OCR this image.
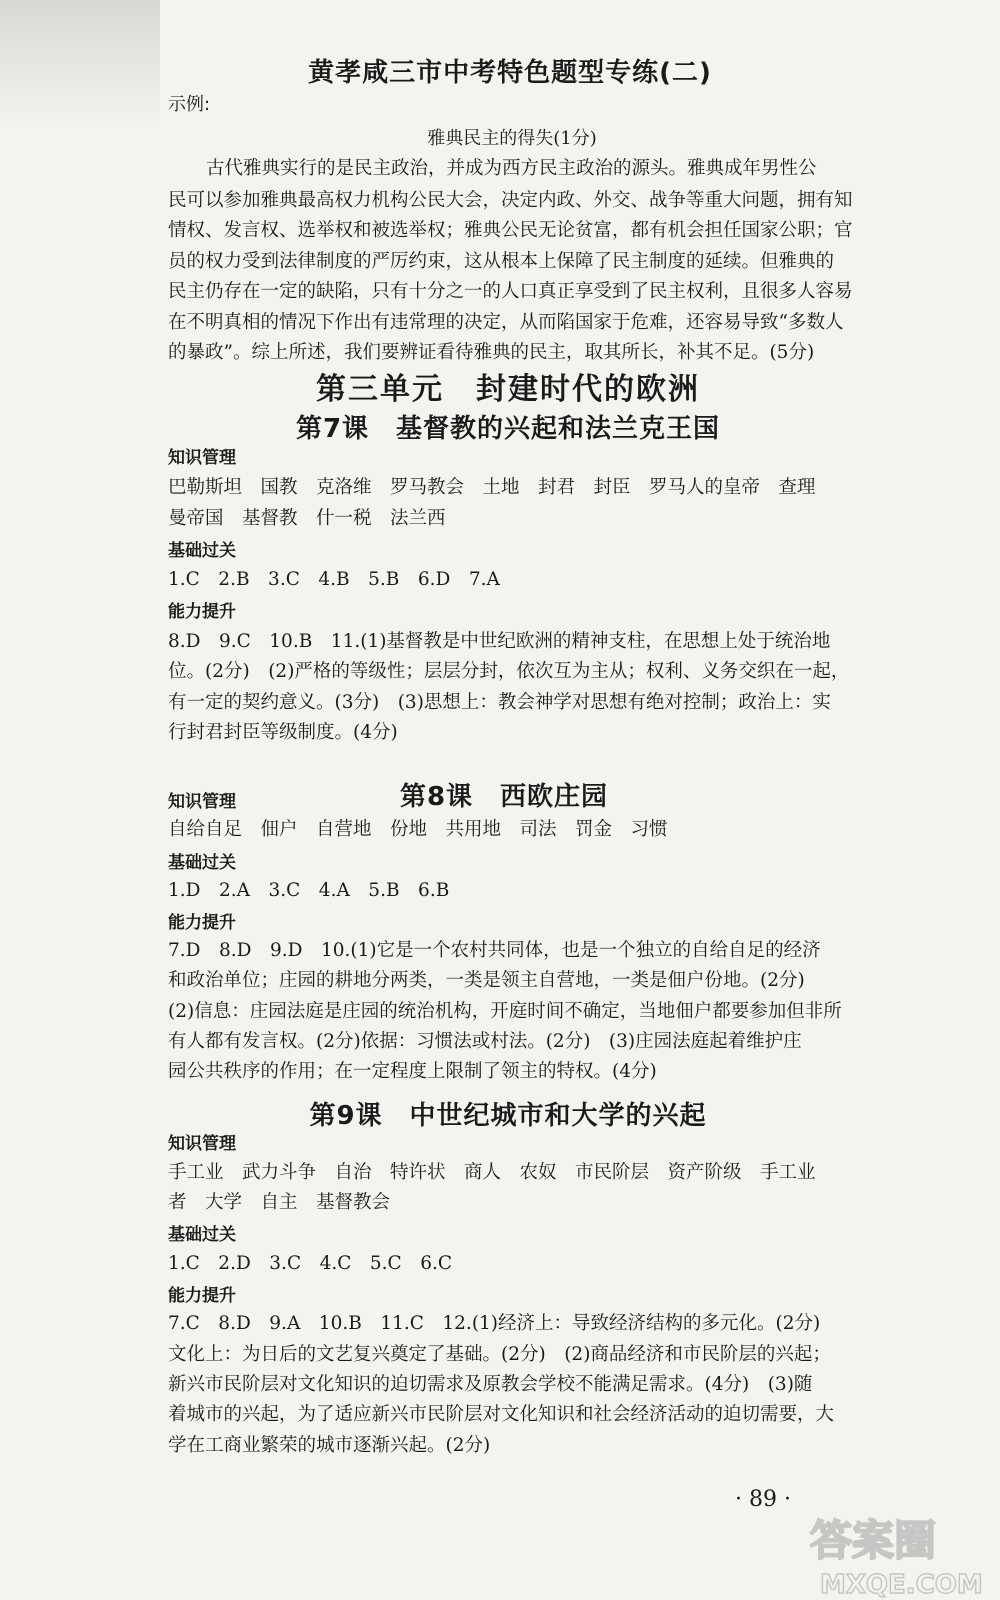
黄孝咸三市中考特色题型专练(二)
示例:
雅典民主的得失(1分)
古代雅典实行的是民主政治，并成为西方民主政治的源头。雅典成年男性公
民可以参加雅典最高权力机构公民大会，决定内政、外交、战争等重大问题，拥有知
情权、发言权、选举权和被选举权；雅典公民无论贫富，都有机会担任国家公职；官
员的权力受到法律制度的严厉约束，这从根本上保障了民主制度的延续。但雅典的
民主仍存在一定的缺陷，只有十分之一的人口真正享受到了民主权利，且很多人容易
在不明真相的情况下作出有违常理的决定，从而陷国家于危难，还容易导致“多数人
的暴政”。综上所述，我们要辨证看待雅典的民主，取其所长，补其不足。(5分)
第三单元　封建时代的欧洲
第7课　基督教的兴起和法兰克王国
知识管理
巴勒斯坦　国教　克洛维　罗马教会　土地　封君　封臣　罗马人的皇帝　查理
曼帝国　基督教　什一税　法兰西
基础过关
1.C　2.B　3.C　4.B　5.B　6.D　7.A
能力提升
8.D　9.C　10.B　11.(1)基督教是中世纪欧洲的精神支柱，在思想上处于统治地
位。(2分)　(2)严格的等级性；层层分封，依次互为主从；权利、义务交织在一起，
有一定的契约意义。(3分)　(3)思想上：教会神学对思想有绝对控制；政治上：实
行封君封臣等级制度。(4分)
第8课　西欧庄园
知识管理
自给自足　佃户　自营地　份地　共用地　司法　罚金　习惯
基础过关
1.D　2.A　3.C　4.A　5.B　6.B
能力提升
7.D　8.D　9.D　10.(1)它是一个农村共同体，也是一个独立的自给自足的经济
和政治单位；庄园的耕地分两类，一类是领主自营地，一类是佃户份地。(2分)
(2)信息：庄园法庭是庄园的统治机构，开庭时间不确定，当地佃户都要参加但非所
有人都有发言权。(2分)依据：习惯法或村法。(2分)　(3)庄园法庭起着维护庄
园公共秩序的作用；在一定程度上限制了领主的特权。(4分)
第9课　中世纪城市和大学的兴起
知识管理
手工业　武力斗争　自治　特许状　商人　农奴　市民阶层　资产阶级　手工业
者　大学　自主　基督教会
基础过关
1.C　2.D　3.C　4.C　5.C　6.C
能力提升
7.C　8.D　9.A　10.B　11.C　12.(1)经济上：导致经济结构的多元化。(2分)
文化上：为日后的文艺复兴奠定了基础。(2分)　(2)商品经济和市民阶层的兴起；
新兴市民阶层对文化知识的迫切需求及原教会学校不能满足需求。(4分)　(3)随
着城市的兴起，为了适应新兴市民阶层对文化知识和社会经济活动的迫切需要，大
学在工商业繁荣的城市逐渐兴起。(2分)
· 89 ·
答案圈
MXQE.COM
